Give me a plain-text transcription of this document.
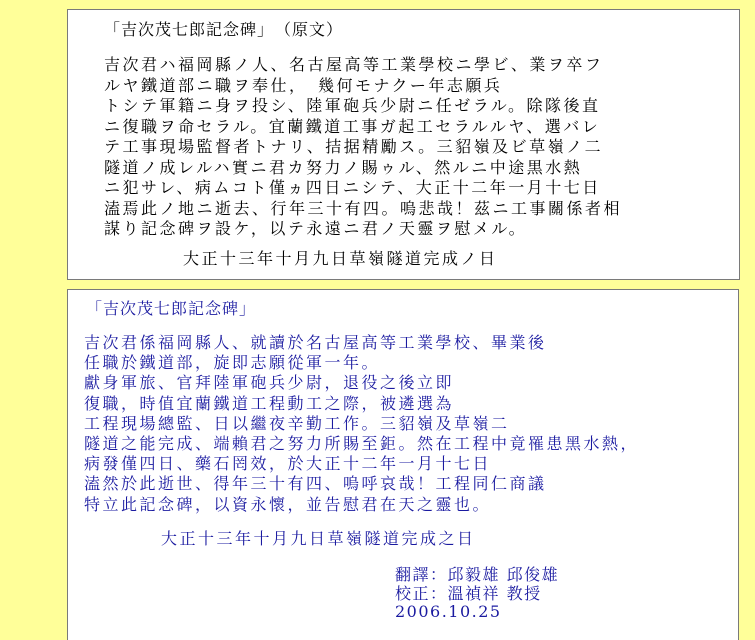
「吉次茂七郎記念碑」　（原文）
吉次君ハ福岡縣ノ人、名古屋高等工業學校ニ學ビ、業ヲ卒フ
ルヤ鐵道部ニ職ヲ奉仕，　幾何モナクー年志願兵
トシテ軍籍ニ身ヲ投シ、陸軍砲兵少尉ニ任ゼラル。除隊後直
ニ復職ヲ命セラル。宜蘭鐵道工事ガ起工セラルルヤ、選バレ
テ工事現場監督者トナリ、拮据精勵ス。三貂嶺及ビ草嶺ノ二
隧道ノ成レルハ實ニ君カ努力ノ賜ゥル、然ルニ中途黒水熱
ニ犯サレ、病ムコト僅ヵ四日ニシテ、大正十二年一月十七日
溘焉此ノ地ニ逝去、行年三十有四。嗚悲哉！茲ニ工事關係者相
謀り記念碑ヲ設ケ，以テ永遠ニ君ノ天靈ヲ慰メル。
大正十三年十月九日草嶺隧道完成ノ日
「吉次茂七郎記念碑」
吉次君係福岡縣人、就讀於名古屋高等工業學校、畢業後
任職於鐵道部，旋即志願從軍一年。
獻身軍旅、官拜陸軍砲兵少尉，退役之後立即
復職，時值宜蘭鐵道工程動工之際，被遴選為
工程現場總監、日以繼夜辛勤工作。三貂嶺及草嶺二
隧道之能完成、端賴君之努力所賜至鉅。然在工程中竟罹患黑水熱，
病發僅四日、藥石罔效，於大正十二年一月十七日
溘然於此逝世、得年三十有四、嗚呼哀哉！工程同仁商議
特立此記念碑，以資永懷，並告慰君在天之靈也。
大正十三年十月九日草嶺隧道完成之日
翻譯：邱毅雄 邱俊雄
校正：溫禎祥 教授
2006.10.25
